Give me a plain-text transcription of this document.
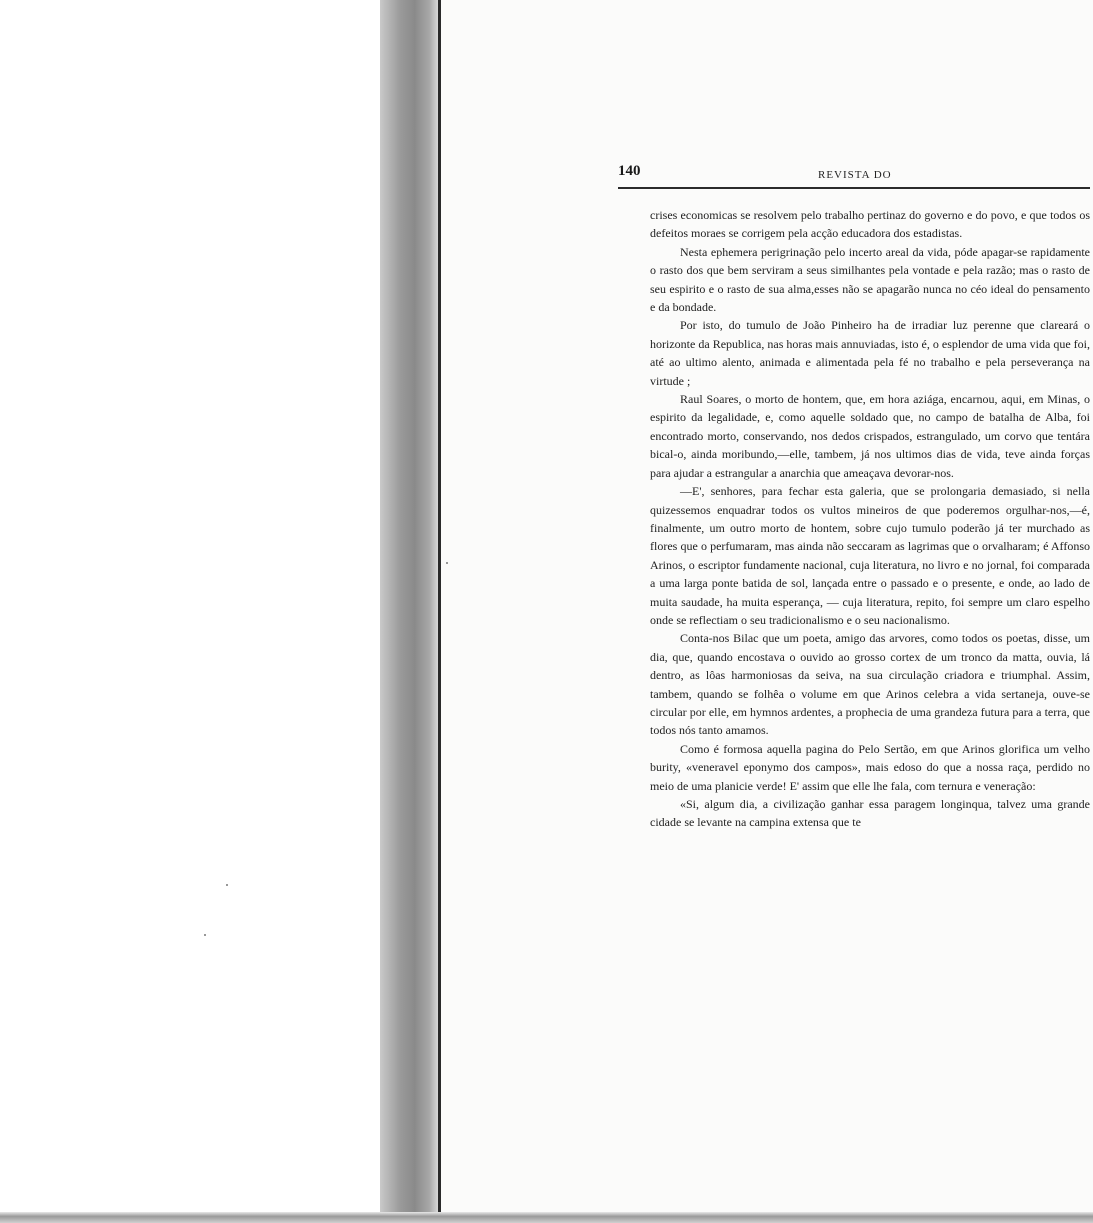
140	REVISTA DO

crises economicas se resolvem pelo trabalho pertinaz do governo e do povo, e que todos os defeitos moraes se corrigem pela acção educadora dos estadistas.

Nesta ephemera perigrinação pelo incerto areal da vida, póde apagar-se rapidamente o rasto dos que bem serviram a seus similhantes pela vontade e pela razão; mas o rasto de seu espirito e o rasto de sua alma,esses não se apagarão nunca no céo ideal do pensamento e da bondade.

Por isto, do tumulo de João Pinheiro ha de irradiar luz perenne que clareará o horizonte da Republica, nas horas mais annuviadas, isto é, o esplendor de uma vida que foi, até ao ultimo alento, animada e alimentada pela fé no trabalho e pela perseverança na virtude ;

Raul Soares, o morto de hontem, que, em hora aziága, encarnou, aqui, em Minas, o espirito da legalidade, e, como aquelle soldado que, no campo de batalha de Alba, foi encontrado morto, conservando, nos dedos crispados, estrangulado, um corvo que tentára bical-o, ainda moribundo,—elle, tambem, já nos ultimos dias de vida, teve ainda forças para ajudar a estrangular a anarchia que ameaçava devorar-nos.

—E', senhores, para fechar esta galeria, que se prolongaria demasiado, si nella quizessemos enquadrar todos os vultos mineiros de que poderemos orgulhar-nos,—é, finalmente, um outro morto de hontem, sobre cujo tumulo poderão já ter murchado as flores que o perfumaram, mas ainda não seccaram as lagrimas que o orvalharam; é Affonso Arinos, o escriptor fundamente nacional, cuja literatura, no livro e no jornal, foi comparada a uma larga ponte batida de sol, lançada entre o passado e o presente, e onde, ao lado de muita saudade, ha muita esperança, — cuja literatura, repito, foi sempre um claro espelho onde se reflectiam o seu tradicionalismo e o seu nacionalismo.

Conta-nos Bilac que um poeta, amigo das arvores, como todos os poetas, disse, um dia, que, quando encostava o ouvido ao grosso cortex de um tronco da matta, ouvia, lá dentro, as lôas harmoniosas da seiva, na sua circulação criadora e triumphal. Assim, tambem, quando se folhêa o volume em que Arinos celebra a vida sertaneja, ouve-se circular por elle, em hymnos ardentes, a prophecia de uma grandeza futura para a terra, que todos nós tanto amamos.

Como é formosa aquella pagina do Pelo Sertão, em que Arinos glorifica um velho burity, «veneravel eponymo dos campos», mais edoso do que a nossa raça, perdido no meio de uma planicie verde! E' assim que elle lhe fala, com ternura e veneração:

«Si, algum dia, a civilização ganhar essa paragem longinqua, talvez uma grande cidade se levante na campina extensa que te
